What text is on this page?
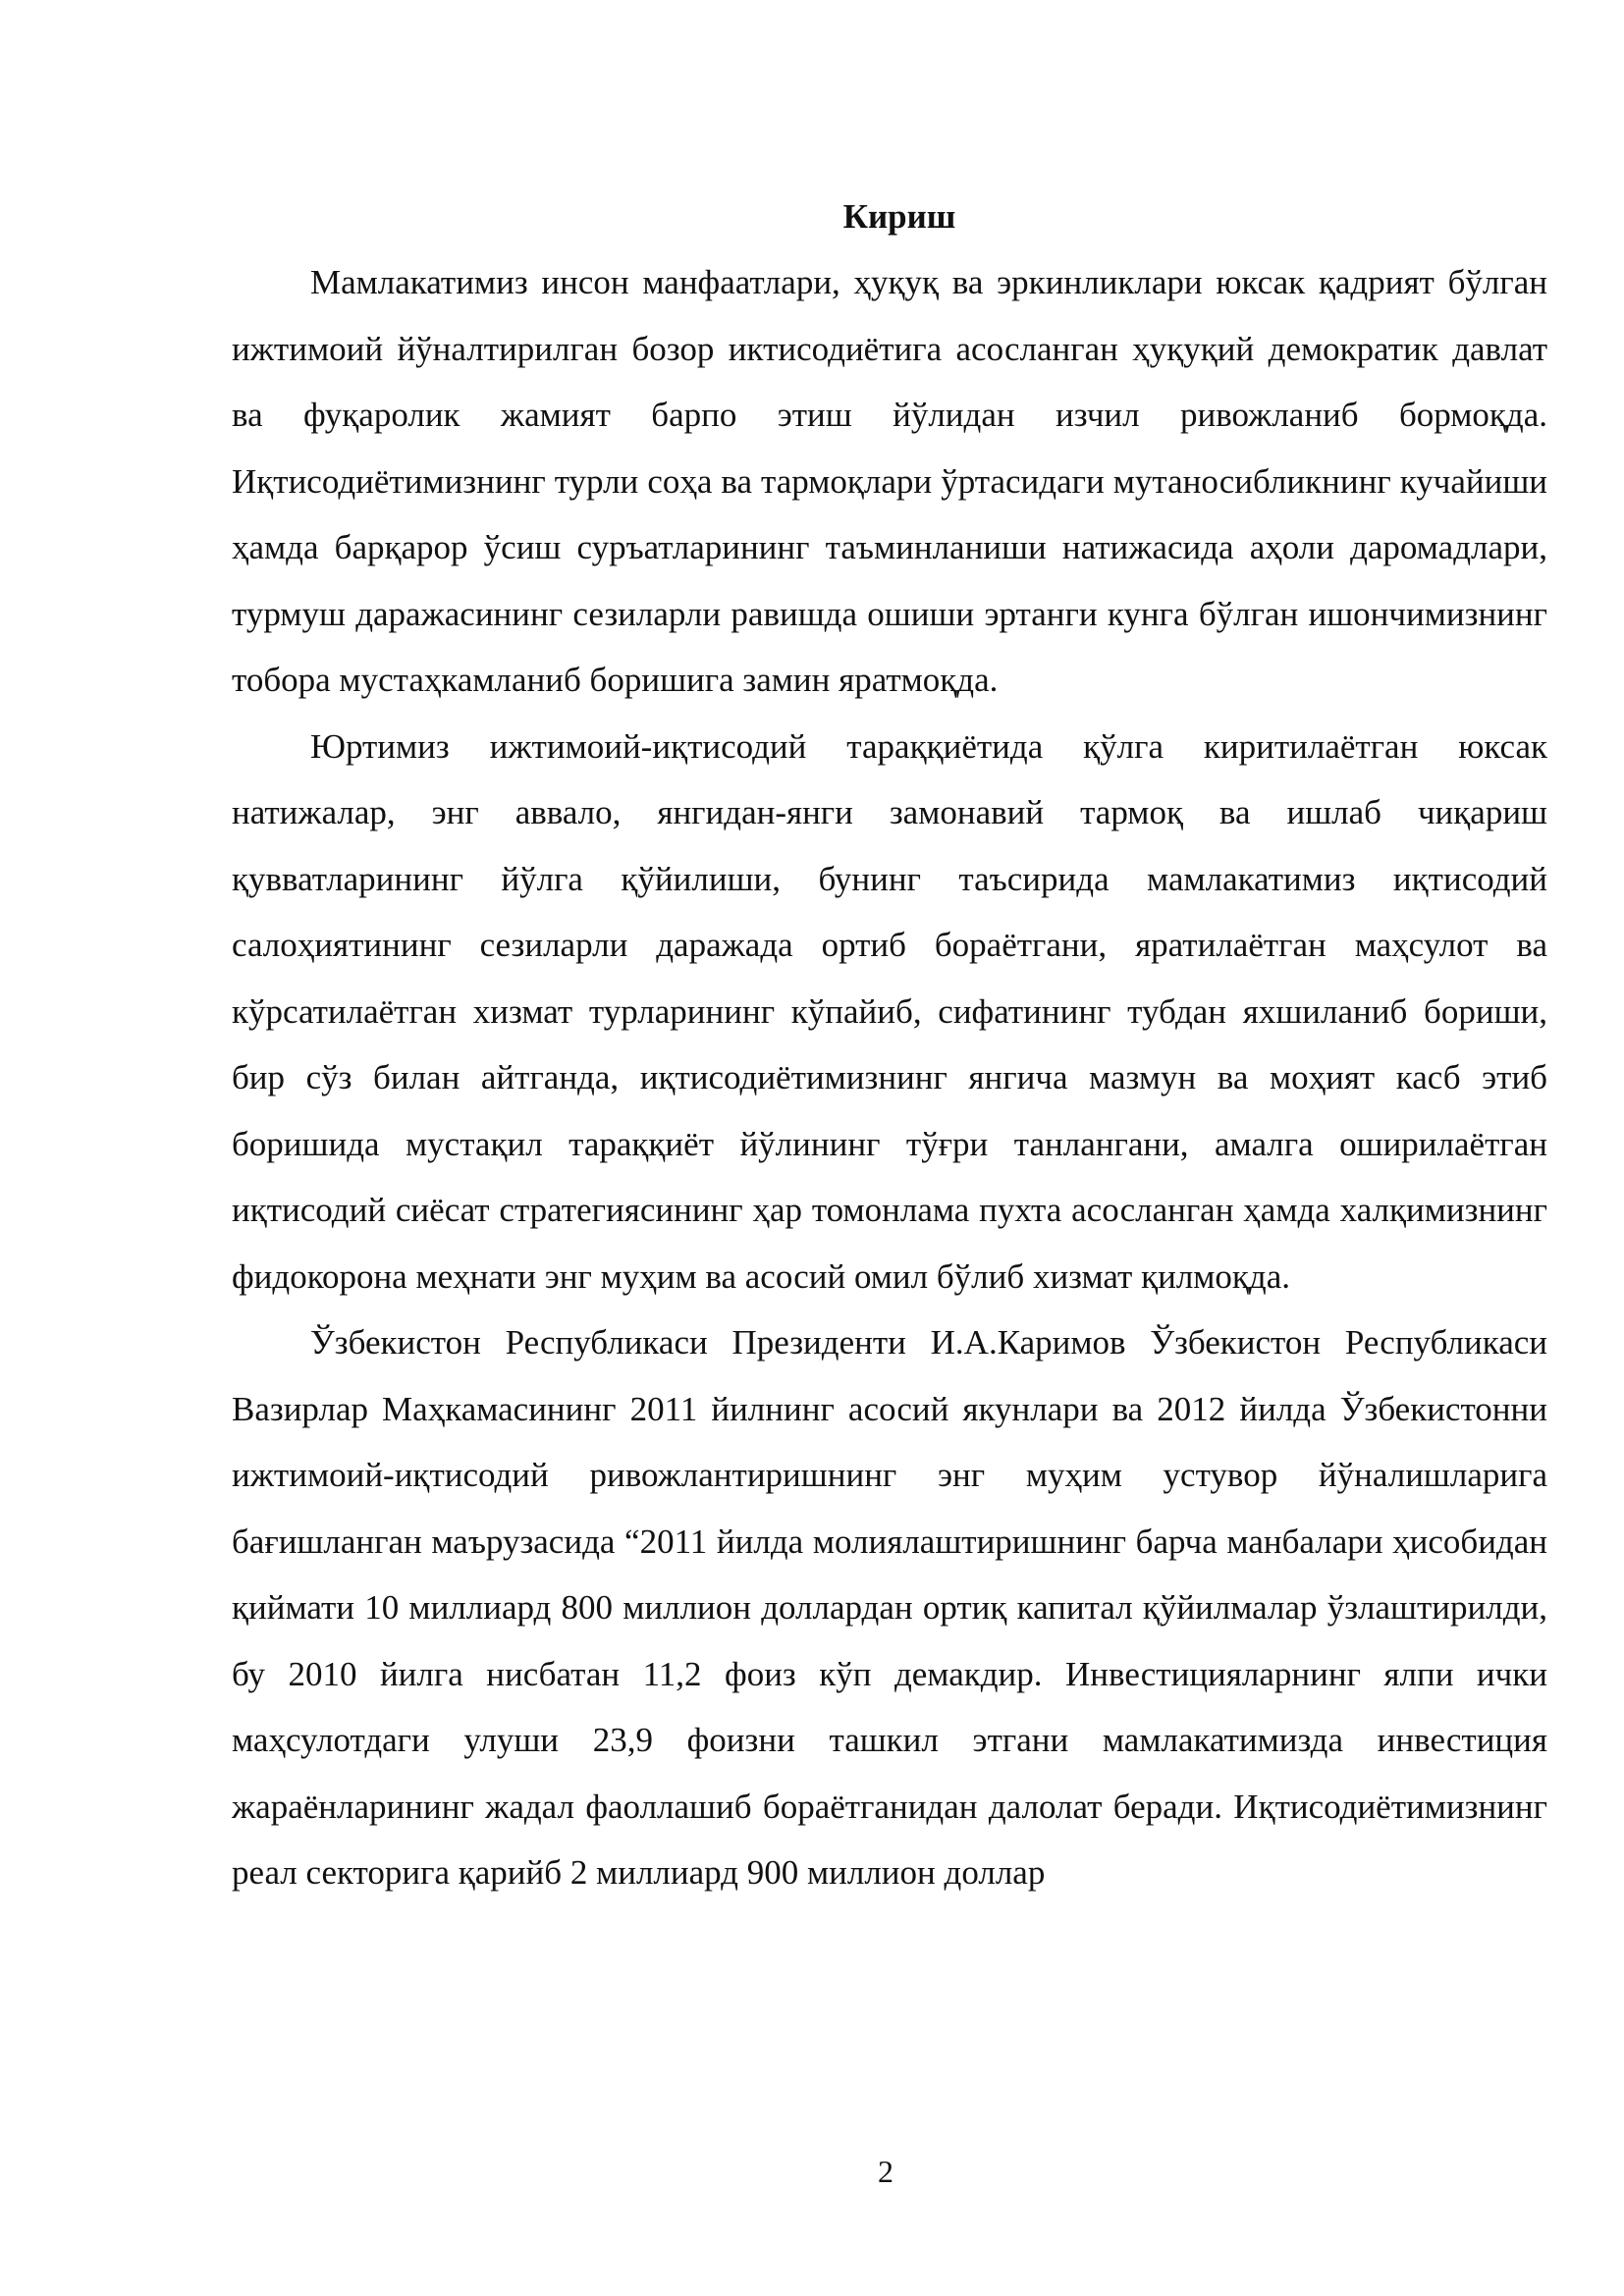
Кириш

Мамлакатимиз инсон манфаатлари, ҳуқуқ ва эркинликлари юксак қадрият бўлган ижтимоий йўналтирилган бозор иктисодиётига асосланган ҳуқуқий демократик давлат ва фуқаролик жамият барпо этиш йўлидан изчил ривожланиб бормоқда. Иқтисодиётимизнинг турли соҳа ва тармоқлари ўртасидаги мутаносибликнинг кучайиши ҳамда барқарор ўсиш суръатларининг таъминланиши натижасида аҳоли даромадлари, турмуш даражасининг сезиларли равишда ошиши эртанги кунга бўлган ишончимизнинг тобора мустаҳкамланиб боришига замин яратмоқда.

Юртимиз ижтимоий-иқтисодий тараққиётида қўлга киритилаётган юксак натижалар, энг аввало, янгидан-янги замонавий тармоқ ва ишлаб чиқариш қувватларининг йўлга қўйилиши, бунинг таъсирида мамлакатимиз иқтисодий салоҳиятининг сезиларли даражада ортиб бораётгани, яратилаётган маҳсулот ва кўрсатилаётган хизмат турларининг кўпайиб, сифатининг тубдан яхшиланиб бориши, бир сўз билан айтганда, иқтисодиётимизнинг янгича мазмун ва моҳият касб этиб боришида мустақил тараққиёт йўлининг тўғри танлангани, амалга оширилаётган иқтисодий сиёсат стратегиясининг ҳар томонлама пухта асосланган ҳамда халқимизнинг фидокорона меҳнати энг муҳим ва асосий омил бўлиб хизмат қилмоқда.

Ўзбекистон Республикаси Президенти И.А.Каримов Ўзбекистон Республикаси Вазирлар Маҳкамасининг 2011 йилнинг асосий якунлари ва 2012 йилда Ўзбекистонни ижтимоий-иқтисодий ривожлантиришнинг энг муҳим устувор йўналишларига бағишланган маърузасида “2011 йилда молиялаштиришнинг барча манбалари ҳисобидан қиймати 10 миллиард 800 миллион доллардан ортиқ капитал қўйилмалар ўзлаштирилди, бу 2010 йилга нисбатан 11,2 фоиз кўп демакдир. Инвестицияларнинг ялпи ички маҳсулотдаги улуши 23,9 фоизни ташкил этгани мамлакатимизда инвестиция жараёнларининг жадал фаоллашиб бораётганидан далолат беради. Иқтисодиётимизнинг реал секторига қарийб 2 миллиард 900 миллион доллар

2
